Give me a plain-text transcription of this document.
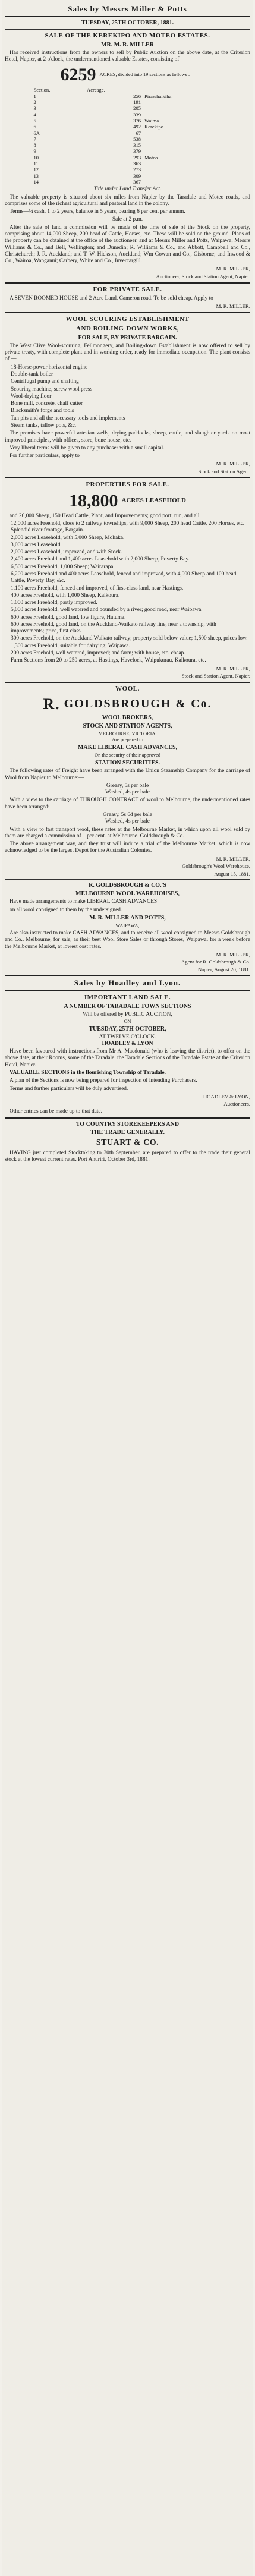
Sales by Messrs Miller & Potts
TUESDAY, 25TH OCTOBER, 1881.
SALE OF THE KEREKIPO AND MOTEO ESTATES.
MR. M. R. MILLER
Has received instructions from the owners to sell by Public Auction on the above date, at the Criterion Hotel, Napier, at 2 o'clock, the undermentioned valuable Estates, consisting of
6259 ACRES, divided into 19 sections as follows :—
Section.	Acreage.	
1	256	Pirawhaikiha
2	191	
3	205	
4	339	
5	376	Waima
6	492	Kerekipo
6A	67	
7	538	
8	315	
9	379	
10	293	Moteo
11	363	
12	273	
13	309	
14	367	
Title under Land Transfer Act.
The valuable property is situated about six miles from Napier by the Taradale and Moteo roads, and comprises some of the richest agricultural and pastoral land in the colony.
Terms—¼ cash, 1 to 2 years, balance in 5 years, bearing 6 per cent per annum.
Sale at 2 p.m.
After the sale of land a commission will be made of the time of sale of the Stock on the property, comprising about 14,000 Sheep, 200 head of Cattle, Horses, etc. These will be sold on the ground. Plans of the property can be obtained at the office of the auctioneer, and at Messrs Miller and Potts, Waipawa; Messrs Williams & Co., and Bell, Wellington; and Dunedin; R. Williams & Co., and Abbott, Campbell and Co., Christchurch; J. R. Auckland; and T. W. Hickson, Auckland; Wm Gowan and Co., Gisborne; and Inwood & Co., Wairoa, Wanganui; Carbery, White and Co., Invercargill.
M. R. MILLER,
Auctioneer, Stock and Station Agent, Napier.
FOR PRIVATE SALE.
A SEVEN ROOMED HOUSE and 2 Acre Land, Cameron road. To be sold cheap. Apply to
M. R. MILLER.
WOOL SCOURING ESTABLISHMENT
AND BOILING-DOWN WORKS,
FOR SALE, BY PRIVATE BARGAIN.
The West Clive Wool-scouring, Fellmongery, and Boiling-down Establishment is now offered to sell by private treaty, with complete plant and in working order, ready for immediate occupation. The plant consists of —
18-Horse-power horizontal engine
Double-tank boiler
Centrifugal pump and shafting
Scouring machine, screw wool press
Wool-drying floor
Bone mill, concrete, chaff cutter
Blacksmith's forge and tools
Tan pits and all the necessary tools and implements
Steam tanks, tallow pots, &c.
The premises have powerful artesian wells, drying paddocks, sheep, cattle, and slaughter yards on most improved principles, with offices, store, bone house, etc.
Very liberal terms will be given to any purchaser with a small capital.
For further particulars, apply to
M. R. MILLER,
Stock and Station Agent.
PROPERTIES FOR SALE.
18,800 ACRES LEASEHOLD
and 26,000 Sheep, 150 Head Cattle, Plant, and Improvements; good port, run, and all.
12,000 acres Freehold, close to 2 railway townships, with 9,000 Sheep, 200 head Cattle, 200 Horses, etc. Splendid river frontage, Bargain.
2,000 acres Leasehold, with 5,000 Sheep, Mohaka.
3,000 acres Leasehold.
2,000 acres Leasehold, improved, and with Stock.
2,400 acres Freehold and 1,400 acres Leasehold with 2,000 Sheep, Poverty Bay.
6,500 acres Freehold, 1,000 Sheep; Wairarapa.
6,200 acres Freehold and 400 acres Leasehold, fenced and improved, with 4,000 Sheep and 100 head Cattle, Poverty Bay, &c.
1,100 acres Freehold, fenced and improved, of first-class land, near Hastings.
400 acres Freehold, with 1,000 Sheep, Kaikoura.
1,000 acres Freehold, partly improved.
5,000 acres Freehold, well watered and bounded by a river; good road, near Waipawa.
600 acres Freehold, good land, low figure, Hatuma.
600 acres Freehold, good land, on the Auckland-Waikato railway line, near a township, with improvements; price, first class.
300 acres Freehold, on the Auckland Waikato railway; property sold below value; 1,500 sheep, prices low.
1,300 acres Freehold, suitable for dairying; Waipawa.
200 acres Freehold, well watered, improved; and farm; with house, etc. cheap.
Farm Sections from 20 to 250 acres, at Hastings, Havelock, Waipukurau, Kaikoura, etc.
M. R. MILLER,
Stock and Station Agent, Napier.
WOOL.
R. GOLDSBROUGH & Co.
WOOL BROKERS,
STOCK AND STATION AGENTS,
MELBOURNE, VICTORIA.
Are prepared to
MAKE LIBERAL CASH ADVANCES,
On the security of their approved
STATION SECURITIES.
The following rates of Freight have been arranged with the Union Steamship Company for the carriage of Wool from Napier to Melbourne:—
Greasy, 5s per bale
Washed, 4s per bale
With a view to the carriage of THROUGH CONTRACT of wool to Melbourne, the undermentioned rates have been arranged:—
Greasy, 5s 6d per bale
Washed, 4s per bale
With a view to fast transport wool, these rates at the Melbourne Market, in which upon all wool sold by them are charged a commission of 1 per cent. at Melbourne. Goldsbrough & Co.
The above arrangement way, and they trust will induce a trial of the Melbourne Market, which is now acknowledged to be the largest Depot for the Australian Colonies.
M. R. MILLER,
Goldsbrough's Wool Warehouse,
August 15, 1881.
R. GOLDSBROUGH & CO.'S
MELBOURNE WOOL WAREHOUSES,
Have made arrangements to make LIBERAL CASH ADVANCES
on all wool consigned to them by the undersigned.
M. R. MILLER AND POTTS,
WAIPAWA,
Are also instructed to make CASH ADVANCES, and to receive all wool consigned to Messrs Goldsbrough and Co., Melbourne, for sale, as their best Wool Store Sales or through Stores, Waipawa, for a week before the Melbourne Market, at lowest cost rates.
M. R. MILLER,
Agent for R. Goldsbrough & Co.
Napier, August 20, 1881.
Sales by Hoadley and Lyon.
IMPORTANT LAND SALE.
A NUMBER OF TARADALE TOWN SECTIONS
Will be offered by PUBLIC AUCTION,
ON
TUESDAY, 25TH OCTOBER,
AT TWELVE O'CLOCK.
HOADLEY & LYON
Have been favoured with instructions from Mr A. Macdonald (who is leaving the district), to offer on the above date, at their Rooms, some of the Taradale, the Taradale Sections of the Taradale Estate at the Criterion Hotel, Napier.
VALUABLE SECTIONS in the flourishing Township of Taradale.
A plan of the Sections is now being prepared for inspection of intending Purchasers.
Terms and further particulars will be duly advertised.
HOADLEY & LYON,
Auctioneers.
Other entries can be made up to that date.
TO COUNTRY STOREKEEPERS AND
THE TRADE GENERALLY.
STUART & CO.
HAVING just completed Stocktaking to 30th September, are prepared to offer to the trade their general stock at the lowest current rates. Port Ahuriri, October 3rd, 1881.
